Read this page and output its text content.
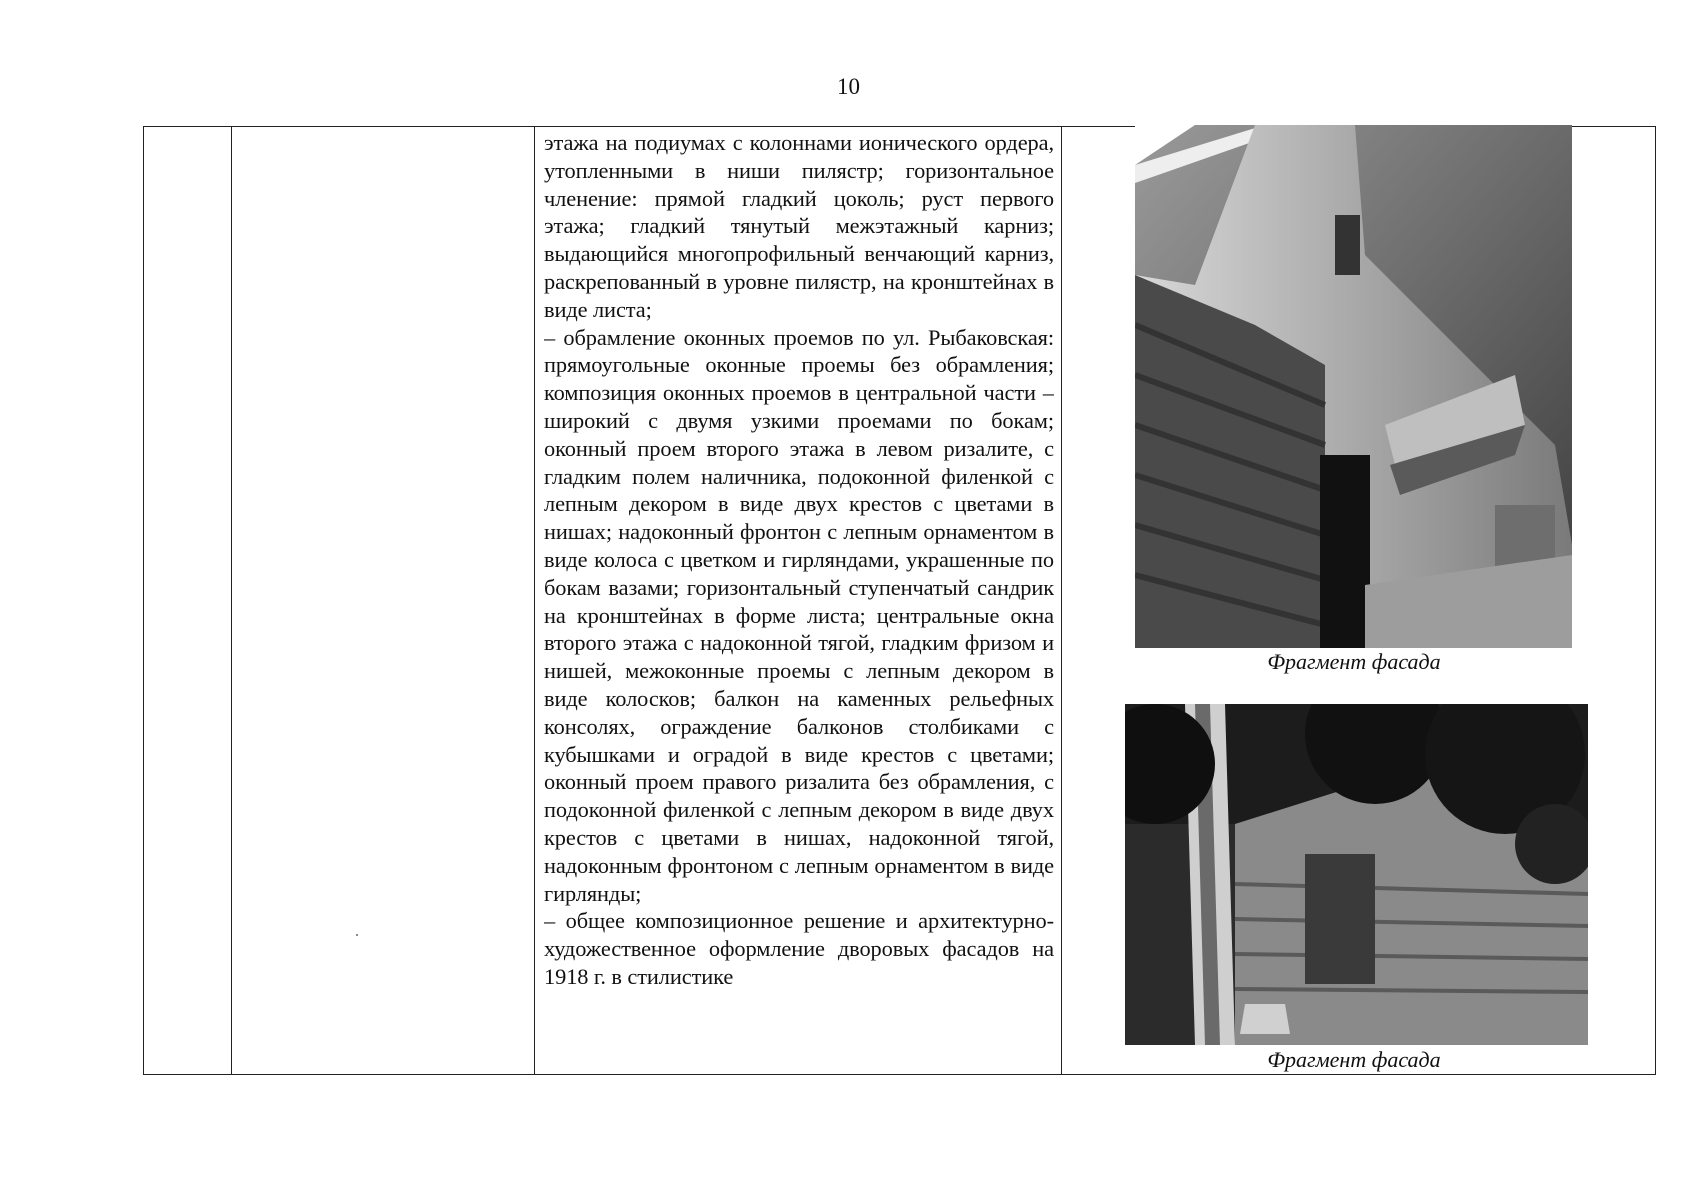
10

этажа на подиумах с колоннами ионического ордера, утопленными в ниши пилястр; горизонтальное членение: прямой гладкий цоколь; руст первого этажа; гладкий тянутый межэтажный карниз; выдающийся многопрофильный венчающий карниз, раскрепованный в уровне пилястр, на кронштейнах в виде листа;

– обрамление оконных проемов по ул. Рыбаковская: прямоугольные оконные проемы без обрамления; композиция оконных проемов в центральной части – широкий с двумя узкими проемами по бокам; оконный проем второго этажа в левом ризалите, с гладким полем наличника, подоконной филенкой с лепным декором в виде двух крестов с цветами в нишах; надоконный фронтон с лепным орнаментом в виде колоса с цветком и гирляндами, украшенные по бокам вазами; горизонтальный ступенчатый сандрик на кронштейнах в форме листа; центральные окна второго этажа с надоконной тягой, гладким фризом и нишей, межоконные проемы с лепным декором в виде колосков; балкон на каменных рельефных консолях, ограждение балконов столбиками с кубышками и оградой в виде крестов с цветами; оконный проем правого ризалита без обрамления, с подоконной филенкой с лепным декором в виде двух крестов с цветами в нишах, надоконной тягой, надоконным фронтоном с лепным орнаментом в виде гирлянды;

– общее композиционное решение и архитектурно-художественное оформление дворовых фасадов на 1918 г. в стилистике

Фрагмент фасада
Фрагмент фасада
